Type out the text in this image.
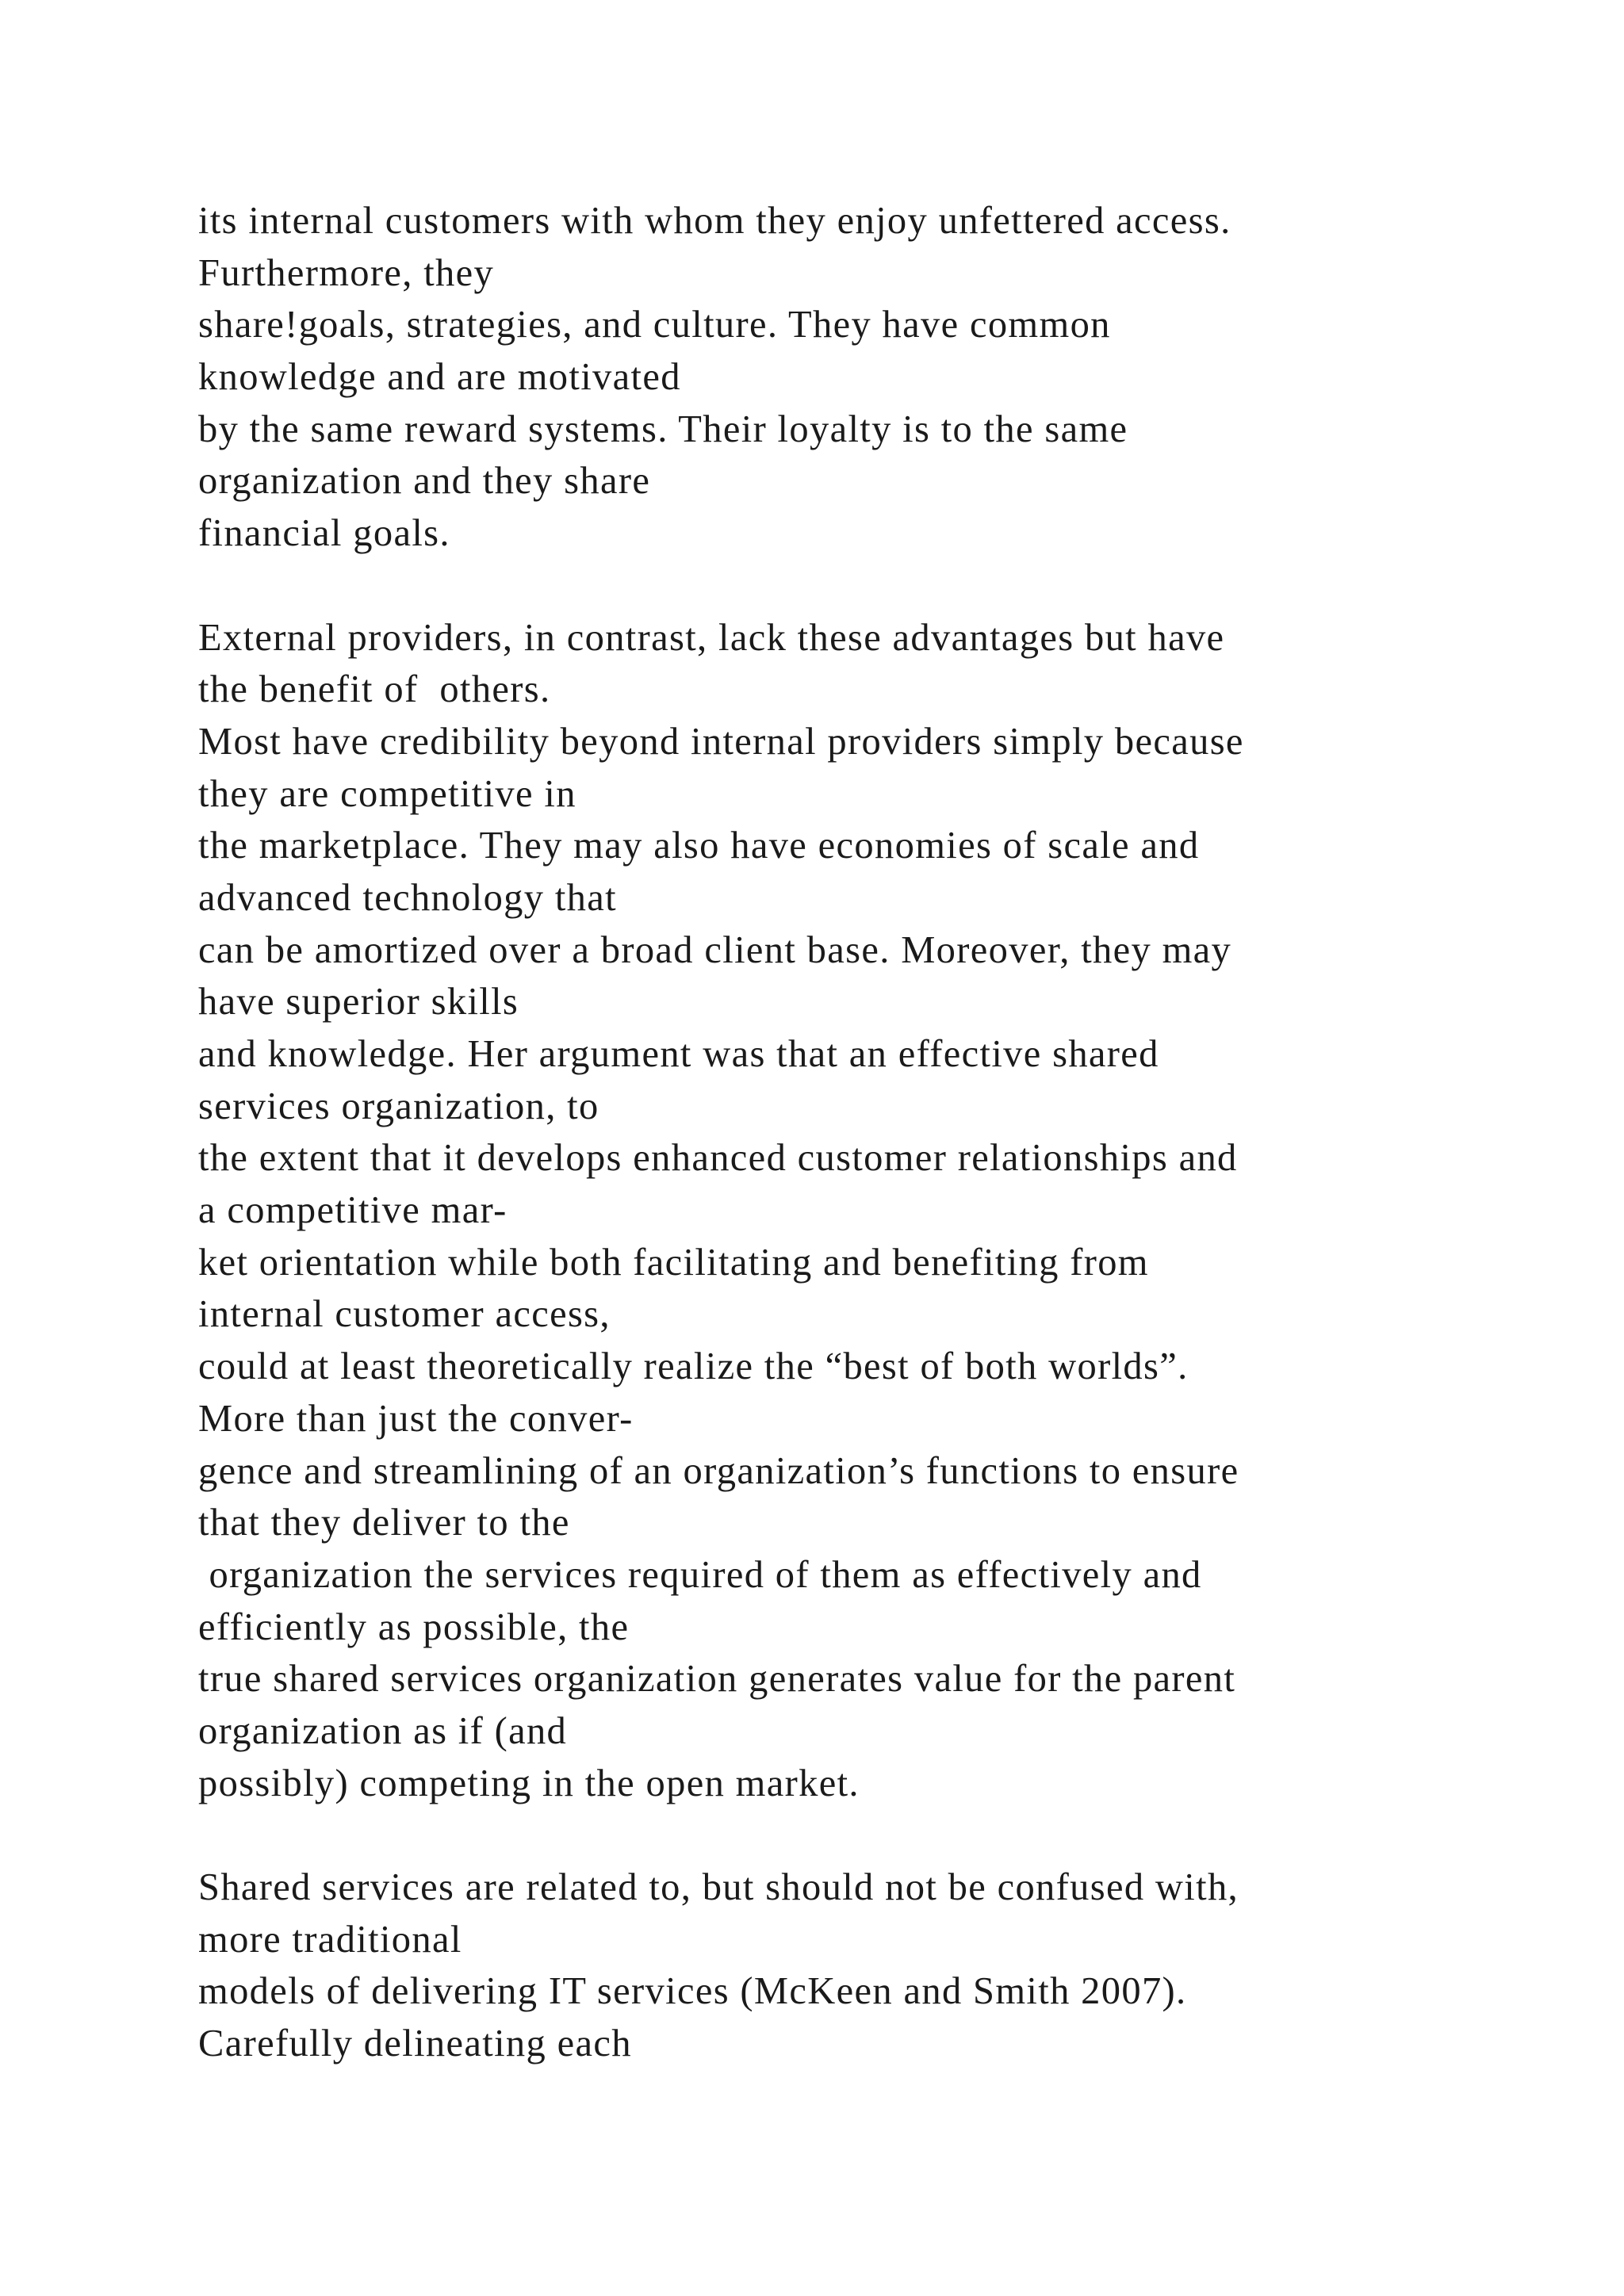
its internal customers with whom they enjoy unfettered access.
Furthermore, they
share!goals, strategies, and culture. They have common
knowledge and are motivated
by the same reward systems. Their loyalty is to the same
organization and they share
financial goals.
External providers, in contrast, lack these advantages but have
the benefit of  others.
Most have credibility beyond internal providers simply because
they are competitive in
the marketplace. They may also have economies of scale and
advanced technology that
can be amortized over a broad client base. Moreover, they may
have superior skills
and knowledge. Her argument was that an effective shared
services organization, to
the extent that it develops enhanced customer relationships and
a competitive mar-
ket orientation while both facilitating and benefiting from
internal customer access,
could at least theoretically realize the “best of both worlds”.
More than just the conver-
gence and streamlining of an organization’s functions to ensure
that they deliver to the
organization the services required of them as effectively and
efficiently as possible, the
true shared services organization generates value for the parent
organization as if (and
possibly) competing in the open market.
Shared services are related to, but should not be confused with,
more traditional
models of delivering IT services (McKeen and Smith 2007).
Carefully delineating each
